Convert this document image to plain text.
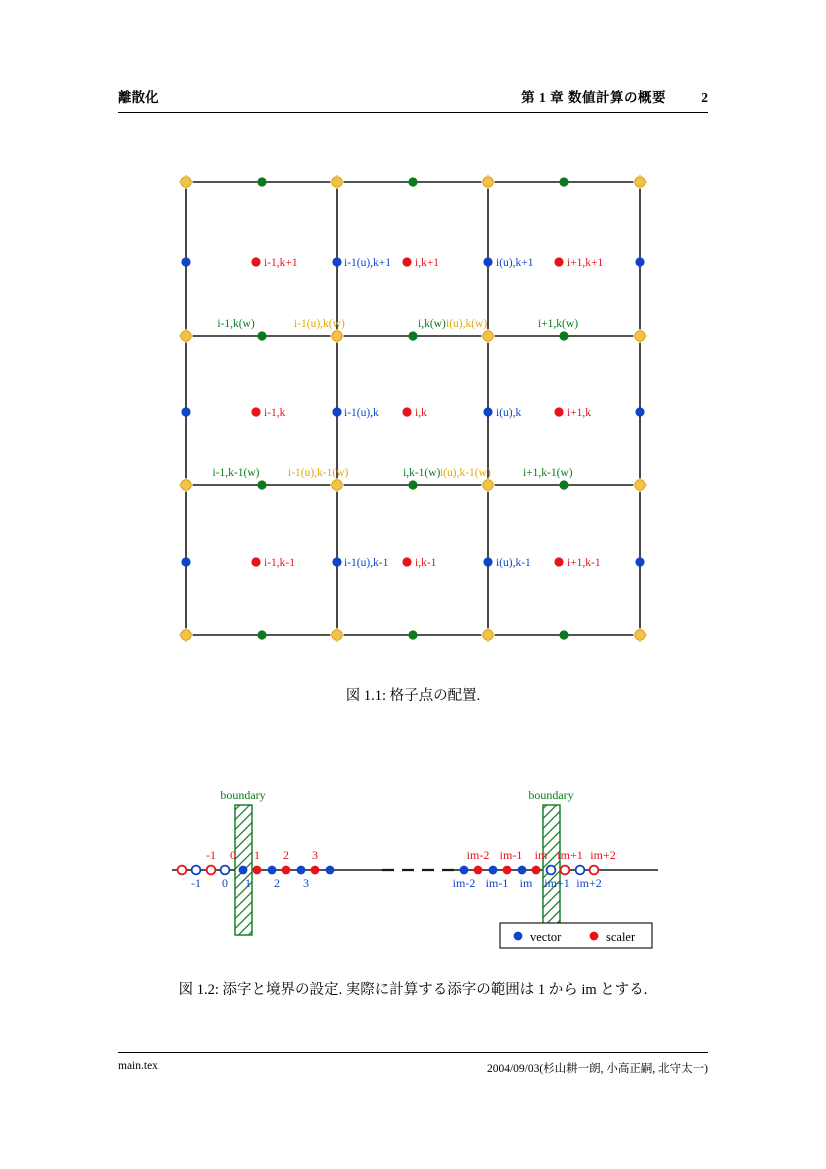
離散化	第 1 章 数値計算の概要	2
i-1,k+1	i,k+1	i+1,k+1
i-1,k	i,k	i+1,k
i-1,k-1	i,k-1	i+1,k-1
i-1(u),k+1	i(u),k+1
i-1(u),k	i(u),k
i-1(u),k-1	i(u),k-1
i-1,k(w)	i,k(w)	i+1,k(w)
i-1,k-1(w)	i,k-1(w)	i+1,k-1(w)
i-1(u),k(w)	i(u),k(w)
i-1(u),k-1(w)	i(u),k-1(w)
図 1.1: 格子点の配置.
boundary	boundary
-1 0 1 2 3
-1 0 1 2 3
im-2 im-1 im im+1 im+2
im-2 im-1 im im+1 im+2
vector	scaler
図 1.2: 添字と境界の設定. 実際に計算する添字の範囲は 1 から im とする.
main.tex	2004/09/03(杉山耕一朗, 小高正嗣, 北守太一)
